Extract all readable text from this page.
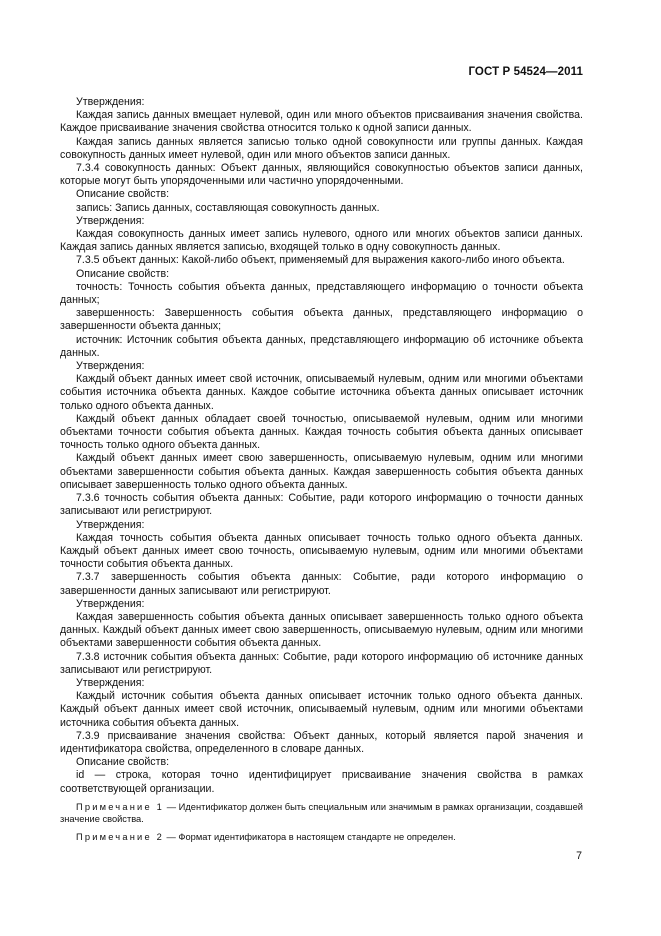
ГОСТ Р 54524—2011

Утверждения:

Каждая запись данных вмещает нулевой, один или много объектов присваивания значения свойства. Каждое присваивание значения свойства относится только к одной записи данных.

Каждая запись данных является записью только одной совокупности или группы данных. Каждая совокупность данных имеет нулевой, один или много объектов записи данных.

7.3.4 совокупность данных: Объект данных, являющийся совокупностью объектов записи данных, которые могут быть упорядоченными или частично упорядоченными.

Описание свойств:

запись: Запись данных, составляющая совокупность данных.

Утверждения:

Каждая совокупность данных имеет запись нулевого, одного или многих объектов записи данных. Каждая запись данных является записью, входящей только в одну совокупность данных.

7.3.5 объект данных: Какой-либо объект, применяемый для выражения какого-либо иного объекта.

Описание свойств:

точность: Точность события объекта данных, представляющего информацию о точности объекта данных;

завершенность: Завершенность события объекта данных, представляющего информацию о завершенности объекта данных;

источник: Источник события объекта данных, представляющего информацию об источнике объекта данных.

Утверждения:

Каждый объект данных имеет свой источник, описываемый нулевым, одним или многими объектами события источника объекта данных. Каждое событие источника объекта данных описывает источник только одного объекта данных.

Каждый объект данных обладает своей точностью, описываемой нулевым, одним или многими объектами точности события объекта данных. Каждая точность события объекта данных описывает точность только одного объекта данных.

Каждый объект данных имеет свою завершенность, описываемую нулевым, одним или многими объектами завершенности события объекта данных. Каждая завершенность события объекта данных описывает завершенность только одного объекта данных.

7.3.6 точность события объекта данных: Событие, ради которого информацию о точности данных записывают или регистрируют.

Утверждения:

Каждая точность события объекта данных описывает точность только одного объекта данных. Каждый объект данных имеет свою точность, описываемую нулевым, одним или многими объектами точности события объекта данных.

7.3.7 завершенность события объекта данных: Событие, ради которого информацию о завершенности данных записывают или регистрируют.

Утверждения:

Каждая завершенность события объекта данных описывает завершенность только одного объекта данных. Каждый объект данных имеет свою завершенность, описываемую нулевым, одним или многими объектами завершенности события объекта данных.

7.3.8 источник события объекта данных: Событие, ради которого информацию об источнике данных записывают или регистрируют.

Утверждения:

Каждый источник события объекта данных описывает источник только одного объекта данных. Каждый объект данных имеет свой источник, описываемый нулевым, одним или многими объектами источника события объекта данных.

7.3.9 присваивание значения свойства: Объект данных, который является парой значения и идентификатора свойства, определенного в словаре данных.

Описание свойств:

id — строка, которая точно идентифицирует присваивание значения свойства в рамках соответствующей организации.

Примечание 1 — Идентификатор должен быть специальным или значимым в рамках организации, создавшей значение свойства.

Примечание 2 — Формат идентификатора в настоящем стандарте не определен.

7
